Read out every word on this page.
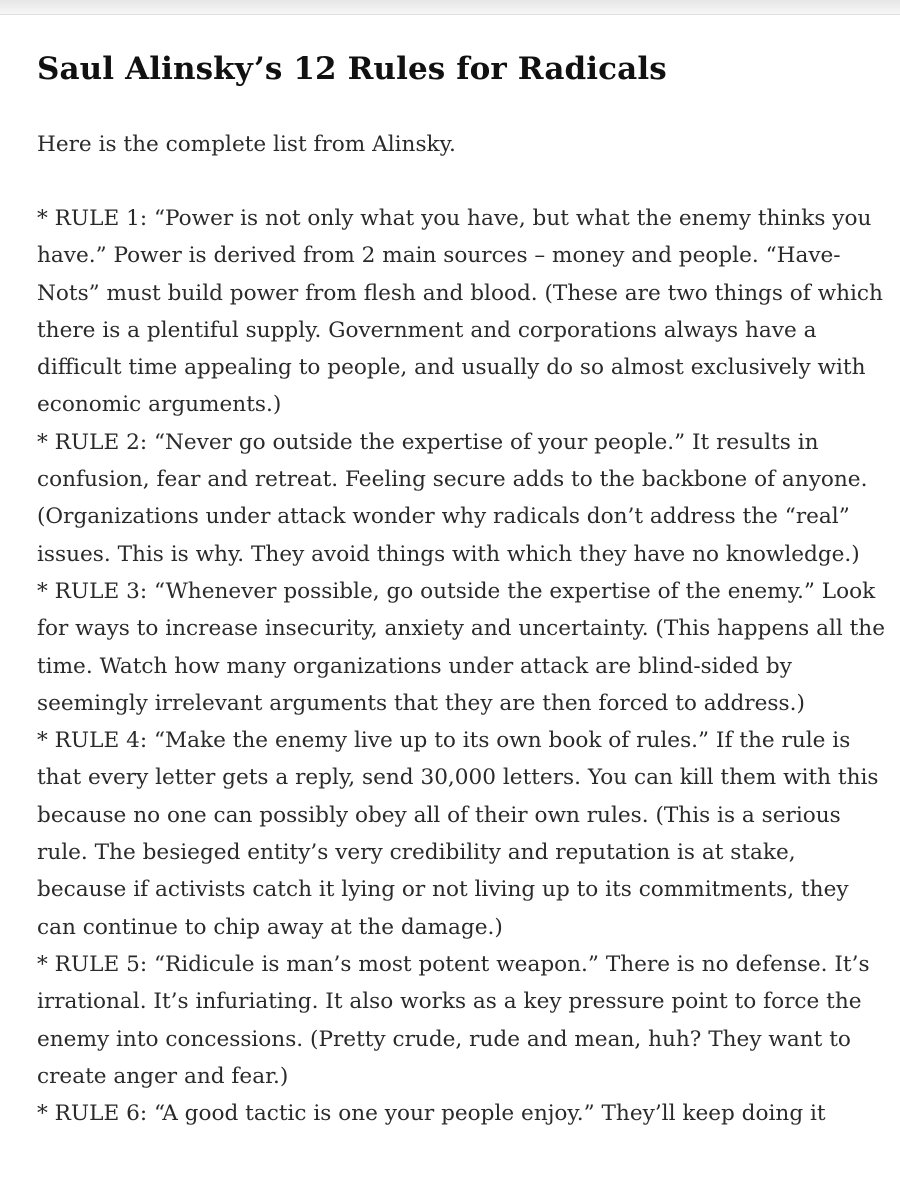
Saul Alinsky’s 12 Rules for Radicals

Here is the complete list from Alinsky.

* RULE 1: “Power is not only what you have, but what the enemy thinks you have.” Power is derived from 2 main sources – money and people. “Have-Nots” must build power from flesh and blood. (These are two things of which there is a plentiful supply. Government and corporations always have a difficult time appealing to people, and usually do so almost exclusively with economic arguments.)

* RULE 2: “Never go outside the expertise of your people.” It results in confusion, fear and retreat. Feeling secure adds to the backbone of anyone. (Organizations under attack wonder why radicals don’t address the “real” issues. This is why. They avoid things with which they have no knowledge.)

* RULE 3: “Whenever possible, go outside the expertise of the enemy.” Look for ways to increase insecurity, anxiety and uncertainty. (This happens all the time. Watch how many organizations under attack are blind-sided by seemingly irrelevant arguments that they are then forced to address.)

* RULE 4: “Make the enemy live up to its own book of rules.” If the rule is that every letter gets a reply, send 30,000 letters. You can kill them with this because no one can possibly obey all of their own rules. (This is a serious rule. The besieged entity’s very credibility and reputation is at stake, because if activists catch it lying or not living up to its commitments, they can continue to chip away at the damage.)

* RULE 5: “Ridicule is man’s most potent weapon.” There is no defense. It’s irrational. It’s infuriating. It also works as a key pressure point to force the enemy into concessions. (Pretty crude, rude and mean, huh? They want to create anger and fear.)

* RULE 6: “A good tactic is one your people enjoy.” They’ll keep doing it
